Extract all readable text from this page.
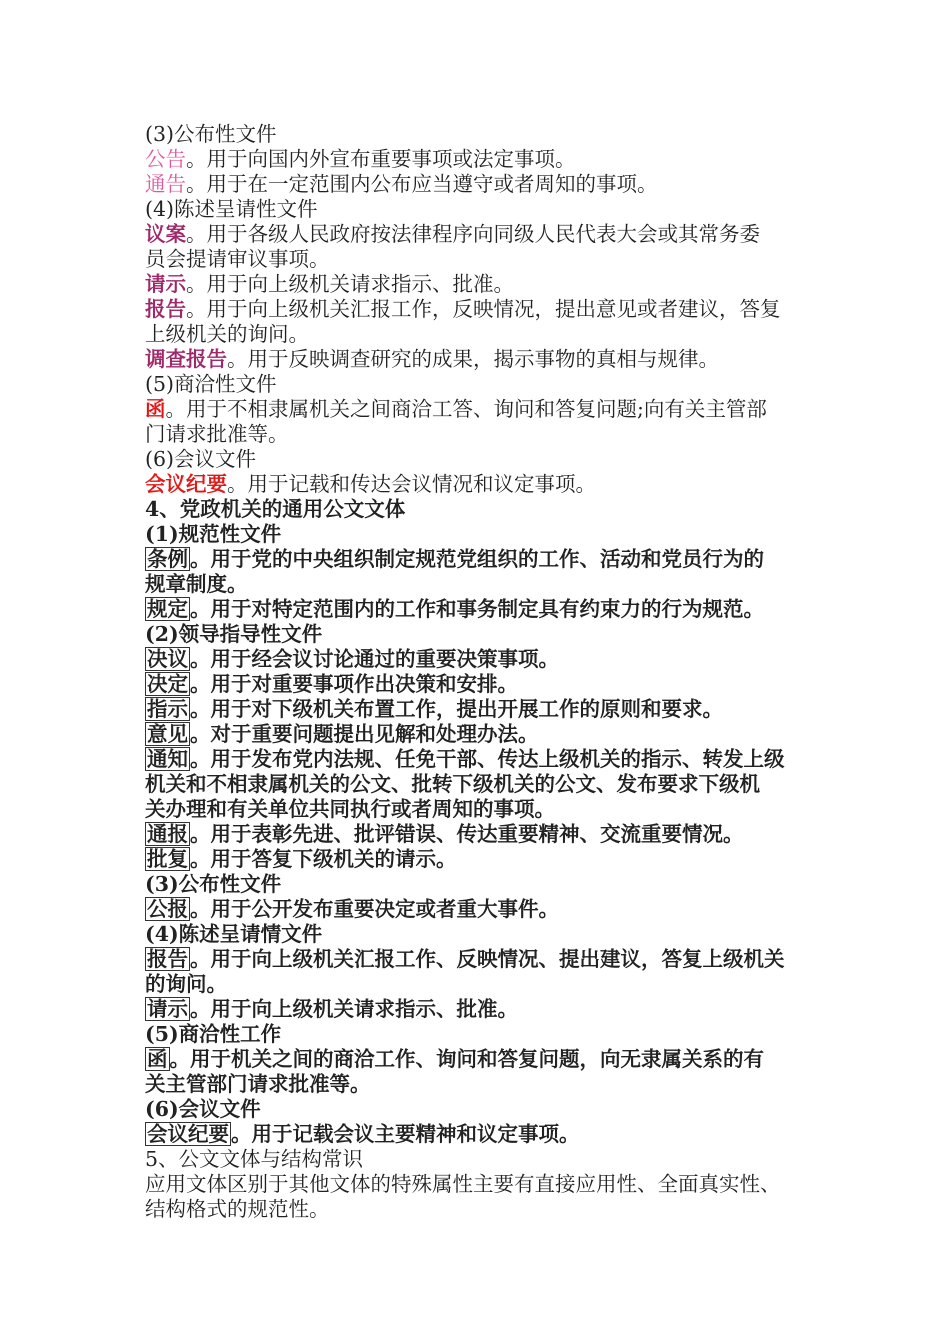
(3)公布性文件
公告。用于向国内外宣布重要事项或法定事项。
通告。用于在一定范围内公布应当遵守或者周知的事项。
(4)陈述呈请性文件
议案。用于各级人民政府按法律程序向同级人民代表大会或其常务委
员会提请审议事项。
请示。用于向上级机关请求指示、批准。
报告。用于向上级机关汇报工作，反映情况，提出意见或者建议，答复
上级机关的询问。
调查报告。用于反映调查研究的成果，揭示事物的真相与规律。
(5)商洽性文件
函。用于不相隶属机关之间商洽工答、询问和答复问题;向有关主管部
门请求批准等。
(6)会议文件
会议纪要。用于记载和传达会议情况和议定事项。
4、党政机关的通用公文文体
(1)规范性文件
条例。用于党的中央组织制定规范党组织的工作、活动和党员行为的
规章制度。
规定。用于对特定范围内的工作和事务制定具有约束力的行为规范。
(2)领导指导性文件
决议。用于经会议讨论通过的重要决策事项。
决定。用于对重要事项作出决策和安排。
指示。用于对下级机关布置工作，提出开展工作的原则和要求。
意见。对于重要问题提出见解和处理办法。
通知。用于发布党内法规、任免干部、传达上级机关的指示、转发上级
机关和不相隶属机关的公文、批转下级机关的公文、发布要求下级机
关办理和有关单位共同执行或者周知的事项。
通报。用于表彰先进、批评错误、传达重要精神、交流重要情况。
批复。用于答复下级机关的请示。
(3)公布性文件
公报。用于公开发布重要决定或者重大事件。
(4)陈述呈请情文件
报告。用于向上级机关汇报工作、反映情况、提出建议，答复上级机关
的询问。
请示。用于向上级机关请求指示、批准。
(5)商洽性工作
函。用于机关之间的商洽工作、询问和答复问题，向无隶属关系的有
关主管部门请求批准等。
(6)会议文件
会议纪要。用于记载会议主要精神和议定事项。
5、公文文体与结构常识
应用文体区别于其他文体的特殊属性主要有直接应用性、全面真实性、
结构格式的规范性。
